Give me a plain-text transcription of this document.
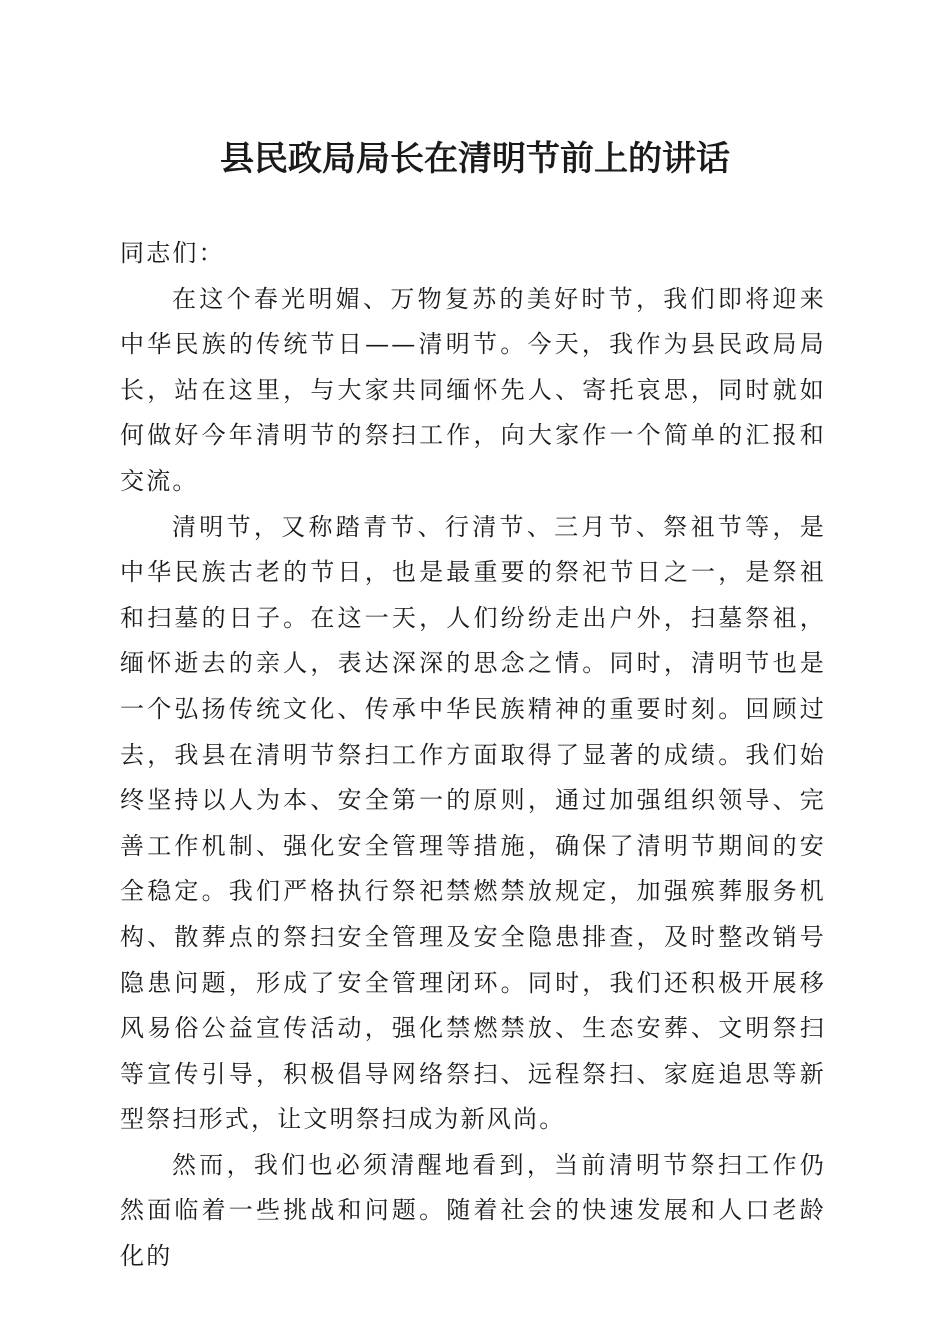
县民政局局长在清明节前上的讲话

同志们：

在这个春光明媚、万物复苏的美好时节，我们即将迎来中华民族的传统节日——清明节。今天，我作为县民政局局长，站在这里，与大家共同缅怀先人、寄托哀思，同时就如何做好今年清明节的祭扫工作，向大家作一个简单的汇报和交流。

清明节，又称踏青节、行清节、三月节、祭祖节等，是中华民族古老的节日，也是最重要的祭祀节日之一，是祭祖和扫墓的日子。在这一天，人们纷纷走出户外，扫墓祭祖，缅怀逝去的亲人，表达深深的思念之情。同时，清明节也是一个弘扬传统文化、传承中华民族精神的重要时刻。回顾过去，我县在清明节祭扫工作方面取得了显著的成绩。我们始终坚持以人为本、安全第一的原则，通过加强组织领导、完善工作机制、强化安全管理等措施，确保了清明节期间的安全稳定。我们严格执行祭祀禁燃禁放规定，加强殡葬服务机构、散葬点的祭扫安全管理及安全隐患排查，及时整改销号隐患问题，形成了安全管理闭环。同时，我们还积极开展移风易俗公益宣传活动，强化禁燃禁放、生态安葬、文明祭扫等宣传引导，积极倡导网络祭扫、远程祭扫、家庭追思等新型祭扫形式，让文明祭扫成为新风尚。

然而，我们也必须清醒地看到，当前清明节祭扫工作仍然面临着一些挑战和问题。随着社会的快速发展和人口老龄化的
